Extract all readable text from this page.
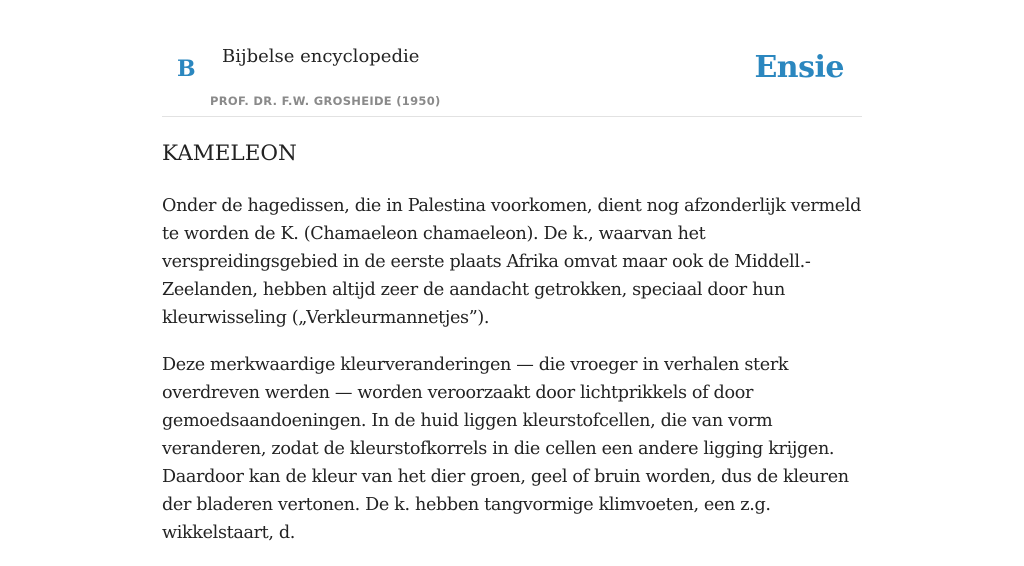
B Bijbelse encyclopedie
PROF. DR. F.W. GROSHEIDE (1950)
Ensie
KAMELEON

Onder de hagedissen, die in Palestina voorkomen, dient nog afzonderlijk vermeld te worden de K. (Chamaeleon chamaeleon). De k., waarvan het verspreidingsgebied in de eerste plaats Afrika omvat maar ook de Middell.-Zeelanden, hebben altijd zeer de aandacht getrokken, speciaal door hun kleurwisseling („Verkleurmannetjes”).

Deze merkwaardige kleurveranderingen — die vroeger in verhalen sterk overdreven werden — worden veroorzaakt door lichtprikkels of door gemoedsaandoeningen. In de huid liggen kleurstofcellen, die van vorm veranderen, zodat de kleurstofkorrels in die cellen een andere ligging krijgen. Daardoor kan de kleur van het dier groen, geel of bruin worden, dus de kleuren der bladeren vertonen. De k. hebben tangvormige klimvoeten, een z.g. wikkelstaart, d.
